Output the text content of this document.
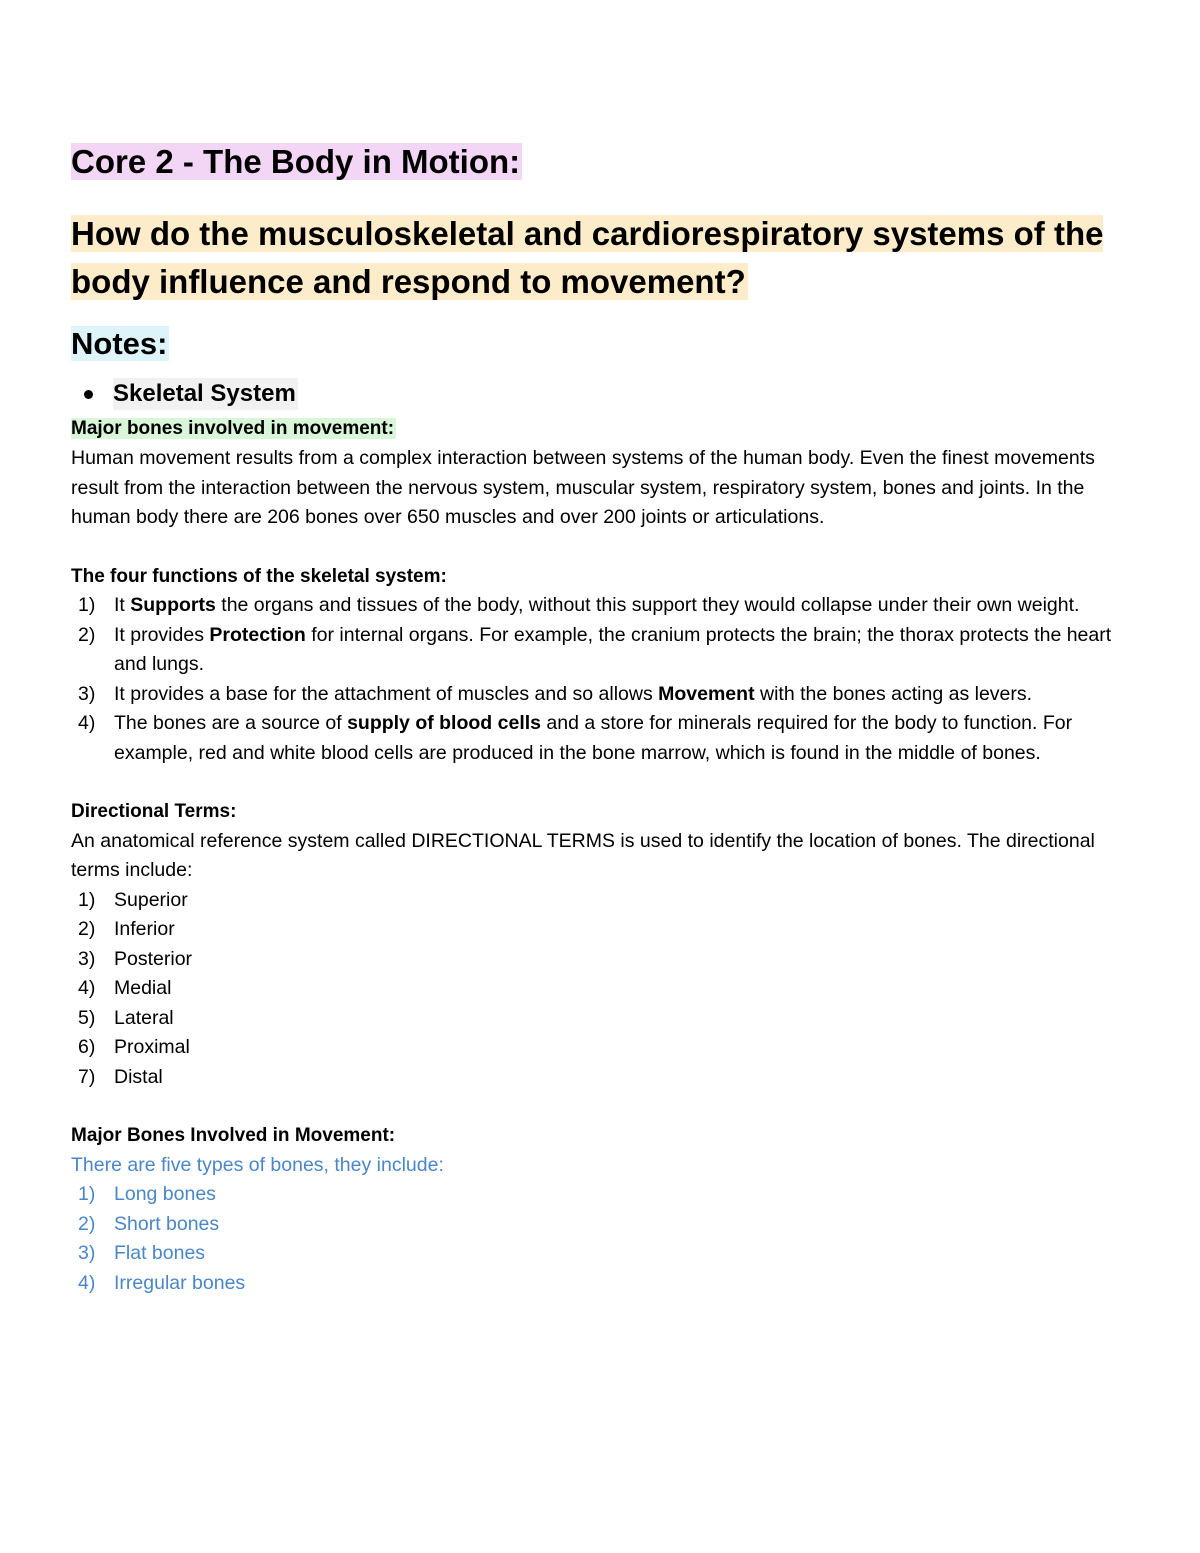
Core 2 - The Body in Motion:
How do the musculoskeletal and cardiorespiratory systems of the body influence and respond to movement?
Notes:
Skeletal System
Major bones involved in movement:

Human movement results from a complex interaction between systems of the human body. Even the finest movements result from the interaction between the nervous system, muscular system, respiratory system, bones and joints. In the human body there are 206 bones over 650 muscles and over 200 joints or articulations.

The four functions of the skeletal system:
1) It Supports the organs and tissues of the body, without this support they would collapse under their own weight.
2) It provides Protection for internal organs. For example, the cranium protects the brain; the thorax protects the heart and lungs.
3) It provides a base for the attachment of muscles and so allows Movement with the bones acting as levers.
4) The bones are a source of supply of blood cells and a store for minerals required for the body to function. For example, red and white blood cells are produced in the bone marrow, which is found in the middle of bones.
Directional Terms:

An anatomical reference system called DIRECTIONAL TERMS is used to identify the location of bones. The directional terms include:

1) Superior
2) Inferior
3) Posterior
4) Medial
5) Lateral
6) Proximal
7) Distal
Major Bones Involved in Movement:

There are five types of bones, they include:

1) Long bones
2) Short bones
3) Flat bones
4) Irregular bones
